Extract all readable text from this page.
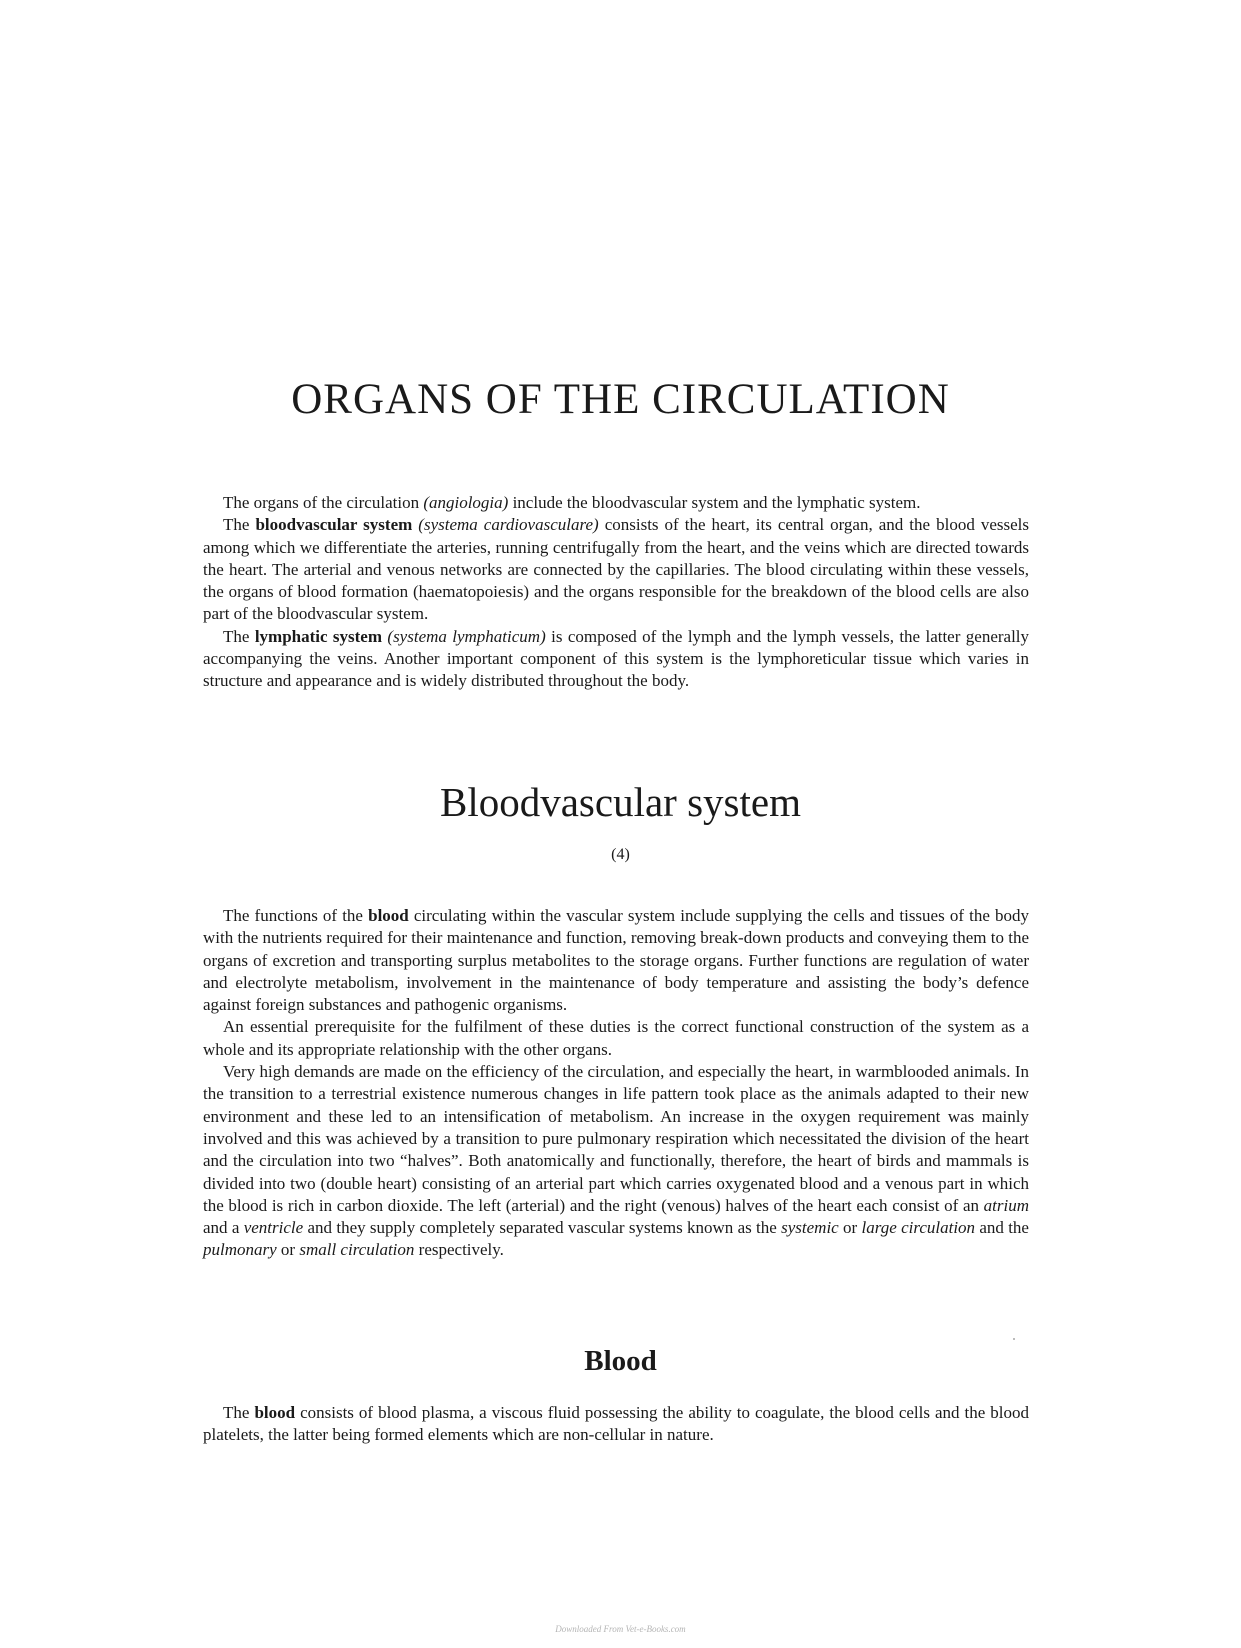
ORGANS OF THE CIRCULATION

The organs of the circulation (angiologia) include the bloodvascular system and the lymphatic system.

The bloodvascular system (systema cardiovasculare) consists of the heart, its central organ, and the blood vessels among which we differentiate the arteries, running centrifugally from the heart, and the veins which are directed towards the heart. The arterial and venous networks are connected by the capillaries. The blood circulating within these vessels, the organs of blood formation (haematopoiesis) and the organs responsible for the breakdown of the blood cells are also part of the bloodvascular system.

The lymphatic system (systema lymphaticum) is composed of the lymph and the lymph vessels, the latter generally accompanying the veins. Another important component of this system is the lymphoreticular tissue which varies in structure and appearance and is widely distributed throughout the body.

Bloodvascular system
(4)

The functions of the blood circulating within the vascular system include supplying the cells and tissues of the body with the nutrients required for their maintenance and function, removing break-down products and conveying them to the organs of excretion and transporting surplus metabolites to the storage organs. Further functions are regulation of water and electrolyte metabolism, involvement in the maintenance of body temperature and assisting the body’s defence against foreign substances and pathogenic organisms.

An essential prerequisite for the fulfilment of these duties is the correct functional construction of the system as a whole and its appropriate relationship with the other organs.

Very high demands are made on the efficiency of the circulation, and especially the heart, in warmblooded animals. In the transition to a terrestrial existence numerous changes in life pattern took place as the animals adapted to their new environment and these led to an intensification of metabolism. An increase in the oxygen requirement was mainly involved and this was achieved by a transition to pure pulmonary respiration which necessitated the division of the heart and the circulation into two “halves”. Both anatomically and functionally, therefore, the heart of birds and mammals is divided into two (double heart) consisting of an arterial part which carries oxygenated blood and a venous part in which the blood is rich in carbon dioxide. The left (arterial) and the right (venous) halves of the heart each consist of an atrium and a ventricle and they supply completely separated vascular systems known as the systemic or large circulation and the pulmonary or small circulation respectively.

Blood

The blood consists of blood plasma, a viscous fluid possessing the ability to coagulate, the blood cells and the blood platelets, the latter being formed elements which are non-cellular in nature.

Downloaded From Vet-e-Books.com
